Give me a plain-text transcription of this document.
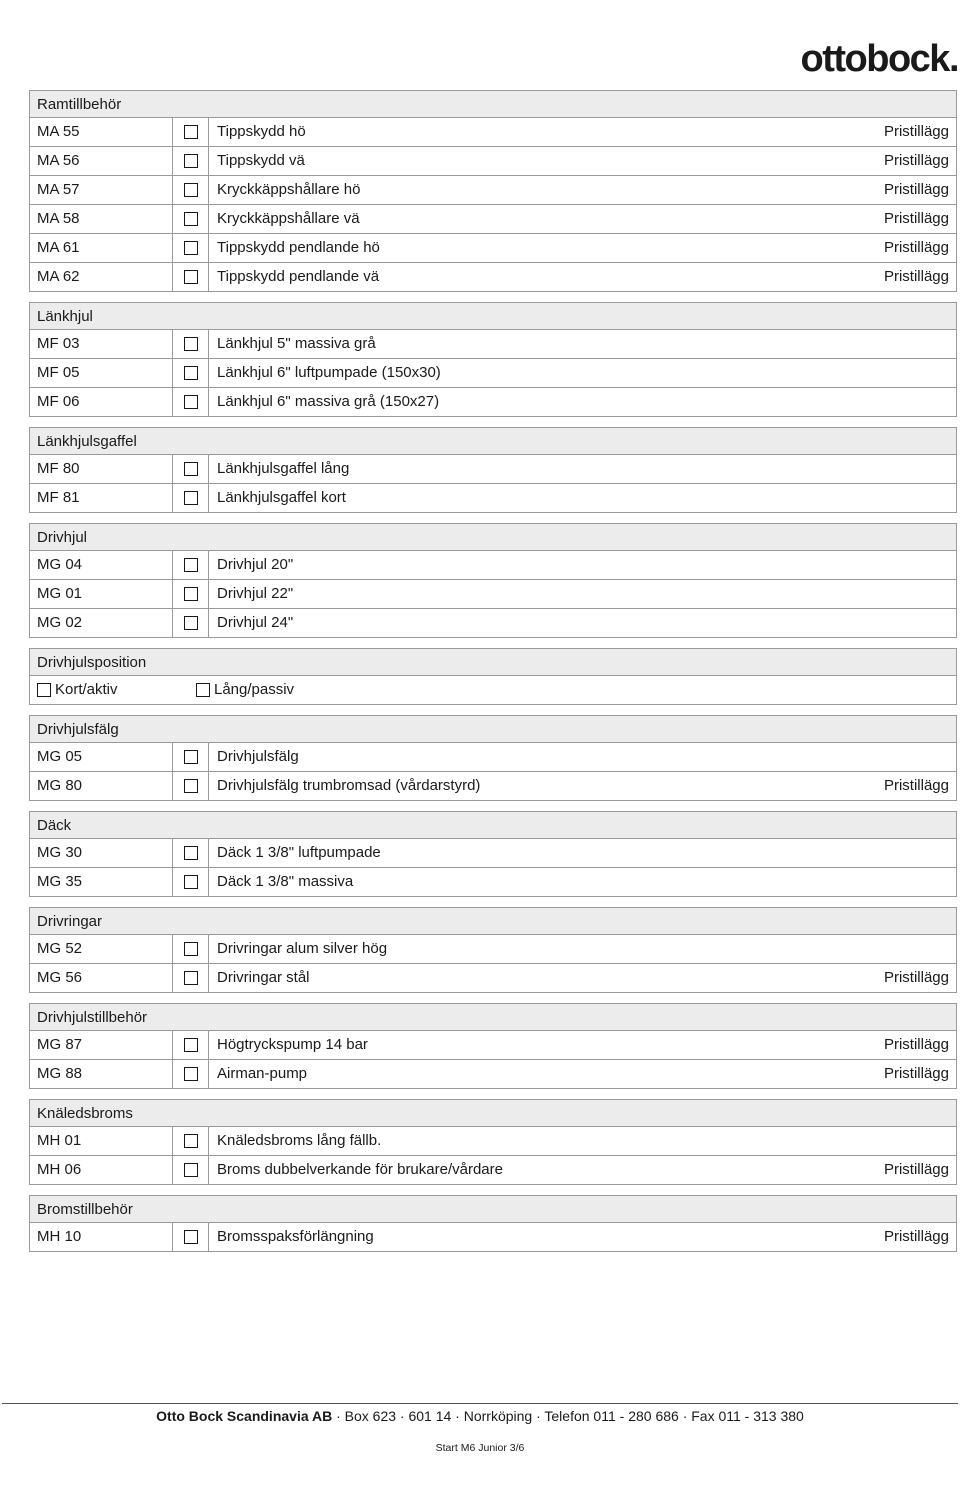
ottobock.
Ramtillbehör
MA 55	Tippskydd hö	Pristillägg
MA 56	Tippskydd vä	Pristillägg
MA 57	Kryckkäppshållare hö	Pristillägg
MA 58	Kryckkäppshållare vä	Pristillägg
MA 61	Tippskydd pendlande hö	Pristillägg
MA 62	Tippskydd pendlande vä	Pristillägg
Länkhjul
MF 03	Länkhjul 5" massiva grå
MF 05	Länkhjul 6" luftpumpade (150x30)
MF 06	Länkhjul 6" massiva grå (150x27)
Länkhjulsgaffel
MF 80	Länkhjulsgaffel lång
MF 81	Länkhjulsgaffel kort
Drivhjul
MG 04	Drivhjul 20"
MG 01	Drivhjul 22"
MG 02	Drivhjul 24"
Drivhjulsposition
Kort/aktiv	Lång/passiv
Drivhjulsfälg
MG 05	Drivhjulsfälg
MG 80	Drivhjulsfälg trumbromsad (vårdarstyrd)	Pristillägg
Däck
MG 30	Däck 1 3/8" luftpumpade
MG 35	Däck 1 3/8" massiva
Drivringar
MG 52	Drivringar alum silver hög
MG 56	Drivringar stål	Pristillägg
Drivhjulstillbehör
MG 87	Högtryckspump 14 bar	Pristillägg
MG 88	Airman-pump	Pristillägg
Knäledsbroms
MH 01	Knäledsbroms lång fällb.
MH 06	Broms dubbelverkande för brukare/vårdare	Pristillägg
Bromstillbehör
MH 10	Bromsspaksförlängning	Pristillägg
Otto Bock Scandinavia AB · Box 623 · 601 14 · Norrköping · Telefon 011 - 280 686 · Fax 011 - 313 380
Start M6 Junior 3/6
